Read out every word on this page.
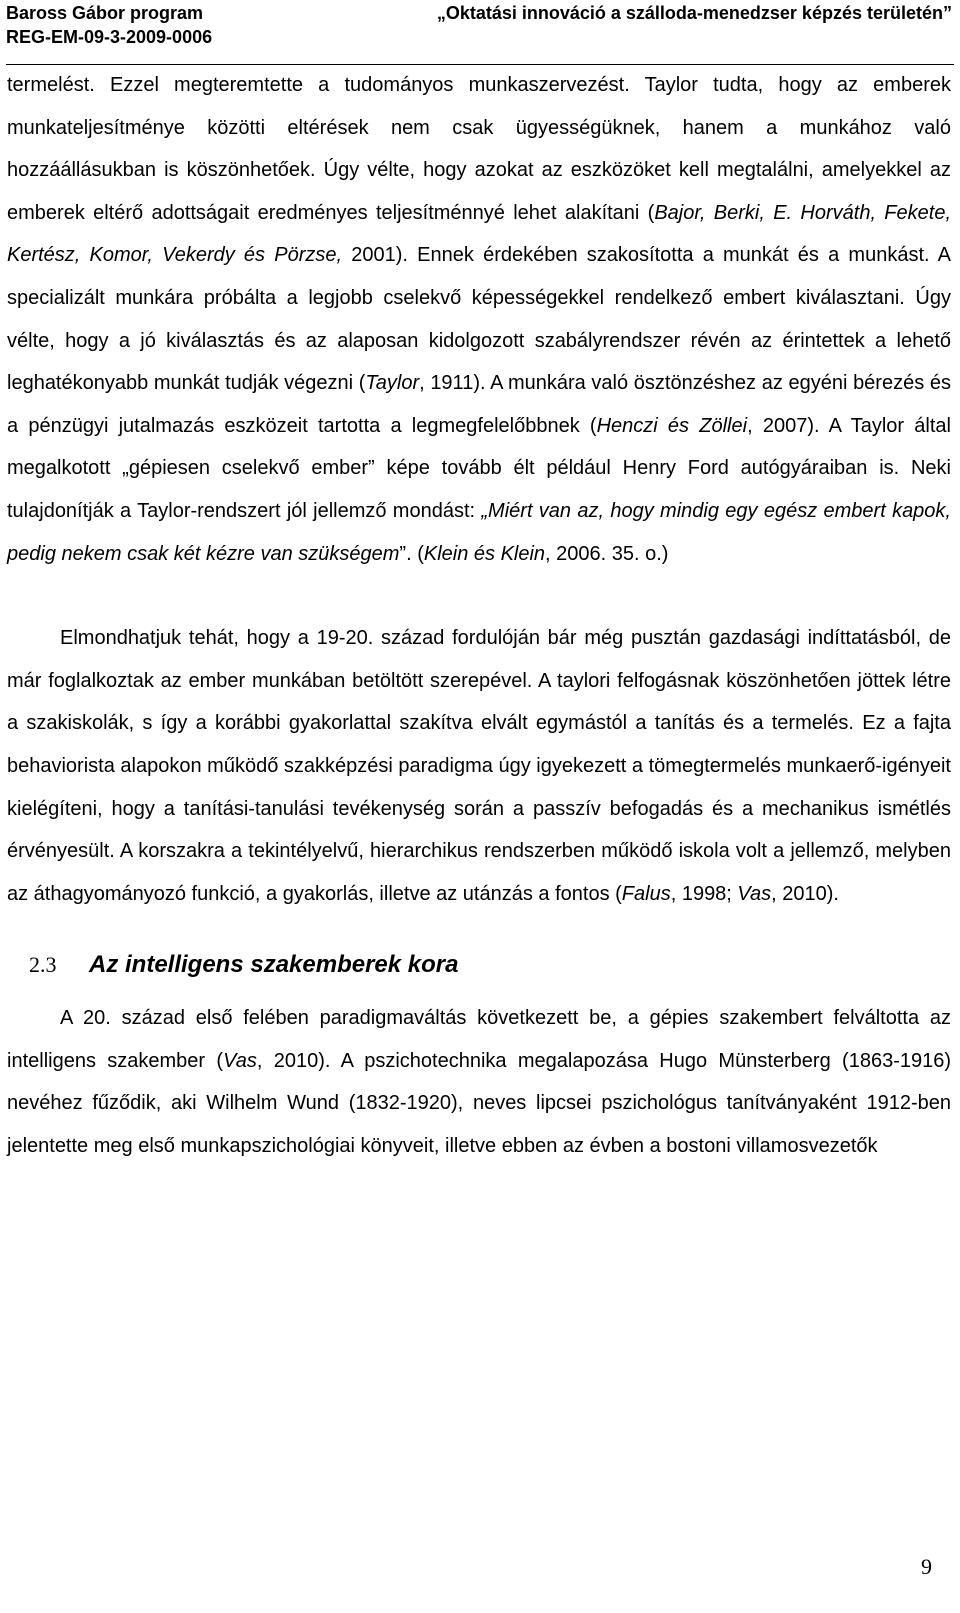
Baross Gábor program
REG-EM-09-3-2009-0006
„Oktatási innováció a szálloda-menedzser képzés területén”

termelést. Ezzel megteremtette a tudományos munkaszervezést. Taylor tudta, hogy az emberek munkateljesítménye közötti eltérések nem csak ügyességüknek, hanem a munkához való hozzáállásukban is köszönhetőek. Úgy vélte, hogy azokat az eszközöket kell megtalálni, amelyekkel az emberek eltérő adottságait eredményes teljesítménnyé lehet alakítani (Bajor, Berki, E. Horváth, Fekete, Kertész, Komor, Vekerdy és Pörzse, 2001). Ennek érdekében szakosította a munkát és a munkást. A specializált munkára próbálta a legjobb cselekvő képességekkel rendelkező embert kiválasztani. Úgy vélte, hogy a jó kiválasztás és az alaposan kidolgozott szabályrendszer révén az érintettek a lehető leghatékonyabb munkát tudják végezni (Taylor, 1911). A munkára való ösztönzéshez az egyéni bérezés és a pénzügyi jutalmazás eszközeit tartotta a legmegfelelőbbnek (Henczi és Zöllei, 2007). A Taylor által megalkotott „gépiesen cselekvő ember” képe tovább élt például Henry Ford autógyáraiban is. Neki tulajdonítják a Taylor-rendszert jól jellemző mondást: „Miért van az, hogy mindig egy egész embert kapok, pedig nekem csak két kézre van szükségem”. (Klein és Klein, 2006. 35. o.)

Elmondhatjuk tehát, hogy a 19-20. század fordulóján bár még pusztán gazdasági indíttatásból, de már foglalkoztak az ember munkában betöltött szerepével. A taylori felfogásnak köszönhetően jöttek létre a szakiskolák, s így a korábbi gyakorlattal szakítva elvált egymástól a tanítás és a termelés. Ez a fajta behaviorista alapokon működő szakképzési paradigma úgy igyekezett a tömegtermelés munkaerő-igényeit kielégíteni, hogy a tanítási-tanulási tevékenység során a passzív befogadás és a mechanikus ismétlés érvényesült. A korszakra a tekintélyelvű, hierarchikus rendszerben működő iskola volt a jellemző, melyben az áthagyományozó funkció, a gyakorlás, illetve az utánzás a fontos (Falus, 1998; Vas, 2010).

2.3 Az intelligens szakemberek kora

A 20. század első felében paradigmaváltás következett be, a gépies szakembert felváltotta az intelligens szakember (Vas, 2010). A pszichotechnika megalapozása Hugo Münsterberg (1863-1916) nevéhez fűződik, aki Wilhelm Wund (1832-1920), neves lipcsei pszichológus tanítványaként 1912-ben jelentette meg első munkapszichológiai könyveit, illetve ebben az évben a bostoni villamosvezetők

9
